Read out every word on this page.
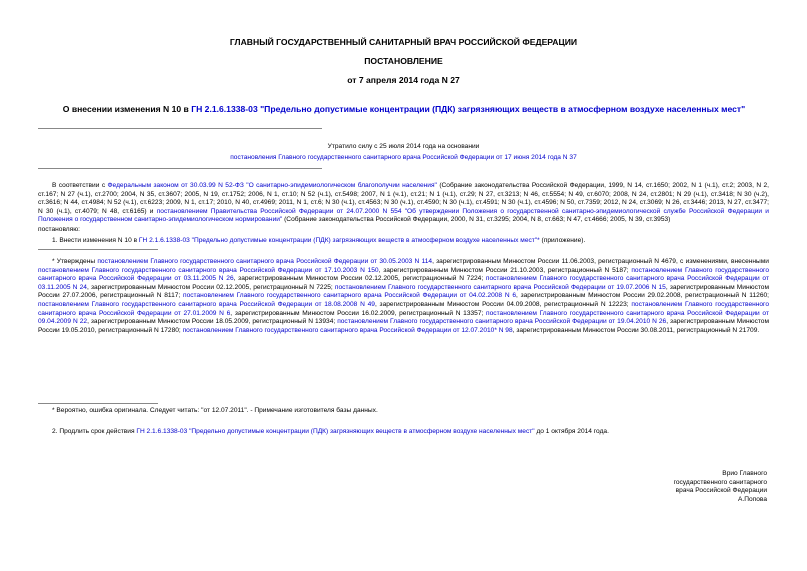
ГЛАВНЫЙ ГОСУДАРСТВЕННЫЙ САНИТАРНЫЙ ВРАЧ РОССИЙСКОЙ ФЕДЕРАЦИИ
ПОСТАНОВЛЕНИЕ
от 7 апреля 2014 года N 27
О внесении изменения N 10 в ГН 2.1.6.1338-03 "Предельно допустимые концентрации (ПДК) загрязняющих веществ в атмосферном воздухе населенных мест"
Утратило силу с 25 июля 2014 года на основании
постановления Главного государственного санитарного врача Российской Федерации от 17 июня 2014 года N 37
В соответствии с Федеральным законом от 30.03.99 N 52-ФЗ "О санитарно-эпидемиологическом благополучии населения" (Собрание законодательства Российской Федерации, 1999, N 14, ст.1650; 2002, N 1 (ч.1), ст.2; 2003, N 2, ст.167; N 27 (ч.1), ст.2700; 2004, N 35, ст.3607; 2005, N 19, ст.1752; 2006, N 1, ст.10; N 52 (ч.1), ст.5498; 2007, N 1 (ч.1), ст.21; N 1 (ч.1), ст.29; N 27, ст.3213; N 46, ст.5554; N 49, ст.6070; 2008, N 24, ст.2801; N 29 (ч.1), ст.3418; N 30 (ч.2), ст.3616; N 44, ст.4984; N 52 (ч.1), ст.6223; 2009, N 1, ст.17; 2010, N 40, ст.4969; 2011, N 1, ст.6; N 30 (ч.1), ст.4563; N 30 (ч.1), ст.4590; N 30 (ч.1), ст.4591; N 30 (ч.1), ст.4596; N 50, ст.7359; 2012, N 24, ст.3069; N 26, ст.3446; 2013, N 27, ст.3477; N 30 (ч.1), ст.4079; N 48, ст.6165) и постановлением Правительства Российской Федерации от 24.07.2000 N 554 "Об утверждении Положения о государственной санитарно-эпидемиологической службе Российской Федерации и Положения о государственном санитарно-эпидемиологическом нормировании" (Собрание законодательства Российской Федерации, 2000, N 31, ст.3295; 2004, N 8, ст.663; N 47, ст.4666; 2005, N 39, ст.3953)
постановляю:
1. Внести изменения N 10 в ГН 2.1.6.1338-03 "Предельно допустимые концентрации (ПДК) загрязняющих веществ в атмосферном воздухе населенных мест"* (приложение).
* Утверждены постановлением Главного государственного санитарного врача Российской Федерации от 30.05.2003 N 114, зарегистрированным Минюстом России 11.06.2003, регистрационный N 4679, с изменениями, внесенными постановлением Главного государственного санитарного врача Российской Федерации от 17.10.2003 N 150, зарегистрированным Минюстом России 21.10.2003, регистрационный N 5187; постановлением Главного государственного санитарного врача Российской Федерации от 03.11.2005 N 26, зарегистрированным Минюстом России 02.12.2005, регистрационный N 7224; постановлением Главного государственного санитарного врача Российской Федерации от 03.11.2005 N 24, зарегистрированным Минюстом России 02.12.2005, регистрационный N 7225; постановлением Главного государственного санитарного врача Российской Федерации от 19.07.2006 N 15, зарегистрированным Минюстом России 27.07.2006, регистрационный N 8117; постановлением Главного государственного санитарного врача Российской Федерации от 04.02.2008 N 6, зарегистрированным Минюстом России 29.02.2008, регистрационный N 11260; постановлением Главного государственного санитарного врача Российской Федерации от 18.08.2008 N 49, зарегистрированным Минюстом России 04.09.2008, регистрационный N 12223; постановлением Главного государственного санитарного врача Российской Федерации от 27.01.2009 N 6, зарегистрированным Минюстом России 16.02.2009, регистрационный N 13357; постановлением Главного государственного санитарного врача Российской Федерации от 09.04.2009 N 22, зарегистрированным Минюстом России 18.05.2009, регистрационный N 13934; постановлением Главного государственного санитарного врача Российской Федерации от 19.04.2010 N 26, зарегистрированным Минюстом России 19.05.2010, регистрационный N 17280; постановлением Главного государственного санитарного врача Российской Федерации от 12.07.2010* N 98, зарегистрированным Минюстом России 30.08.2011, регистрационный N 21709.
* Вероятно, ошибка оригинала. Следует читать: "от 12.07.2011". - Примечание изготовителя базы данных.
2. Продлить срок действия ГН 2.1.6.1338-03 "Предельно допустимые концентрации (ПДК) загрязняющих веществ в атмосферном воздухе населенных мест" до 1 октября 2014 года.
Врио Главного
государственного санитарного
врача Российской Федерации
А.Попова
